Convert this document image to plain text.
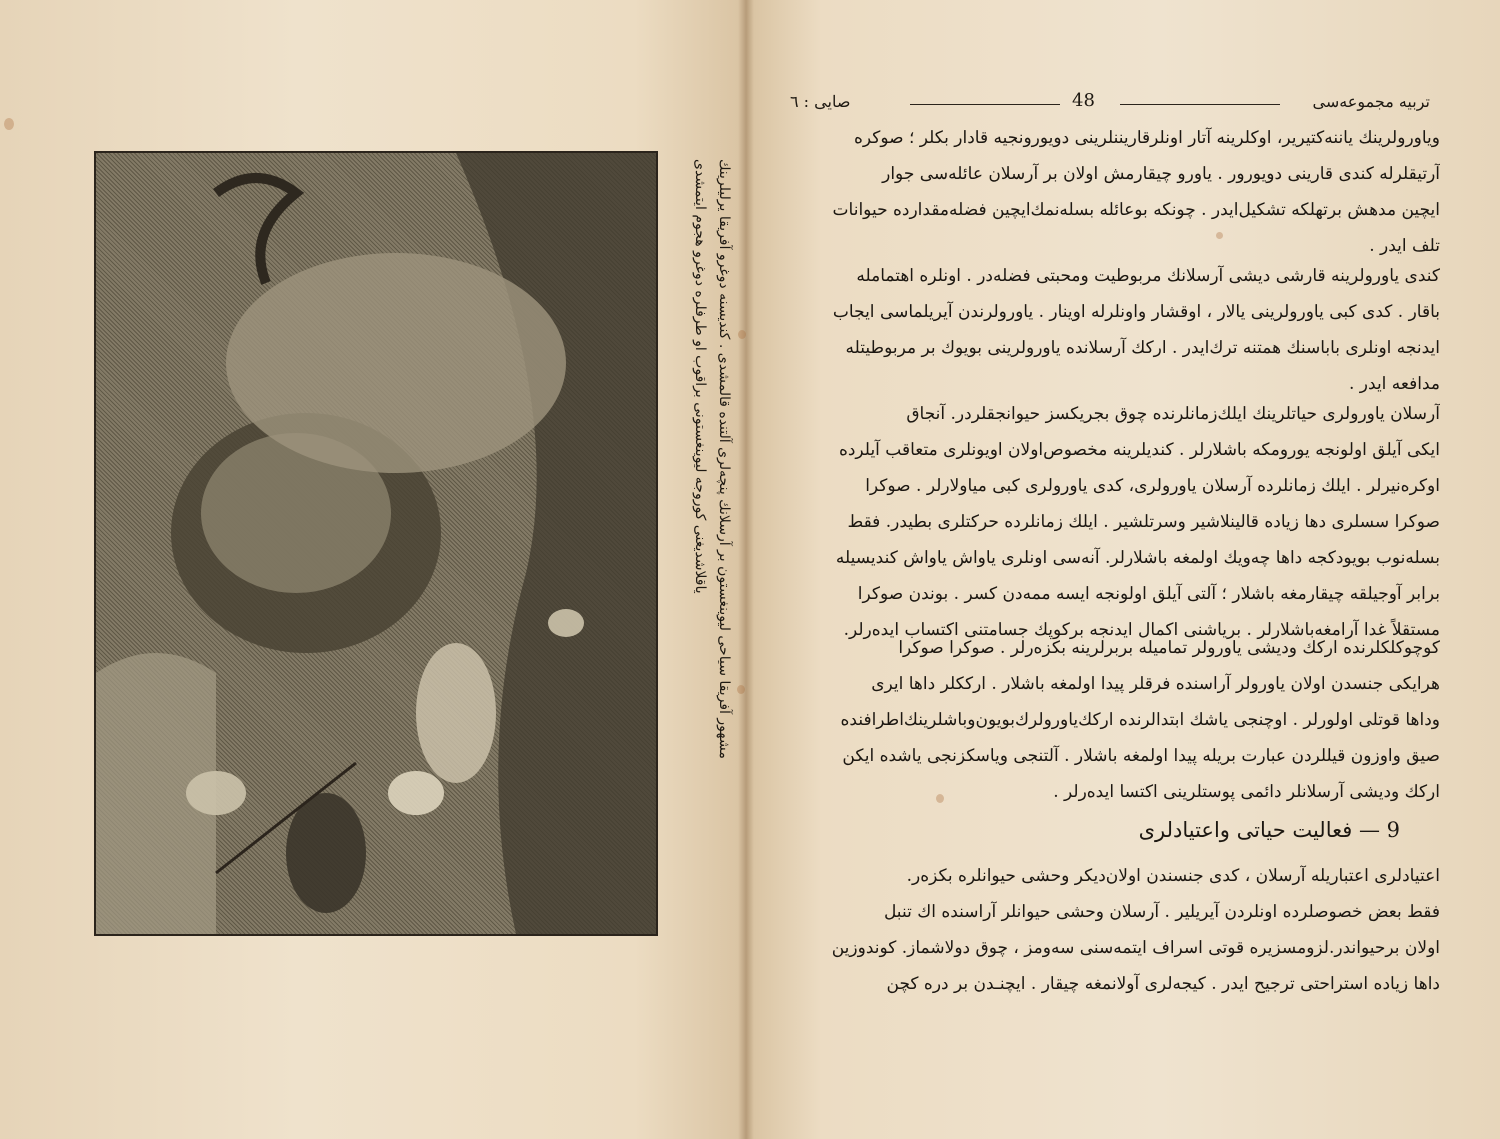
مشهور آفریقا سیاحی لیوینغستون بر آرسلانك پنچه‌لری آلتنده قالمشدی . کندیسنه دوغرو آفریقا یرلیلرینك
یاقلاشدیغنی کوروجه لیوینغستونی براقوب او طرفلره دوغرو هجوم ایتمشدی
تربیه مجموعه‌سی
48
صایی : ٦
ویاورولرینك یاننه‌کتیریر، اوکلرینه آتار اونلرقاریننلرینی دویورونجیه قادار بکلر ؛ صوکره
آرتیقلرله کندی قارینی دویورور . یاورو چیقارمش اولان بر آرسلان عائله‌سی جوار
ایچین مدهش برتهلکه تشکیل‌ایدر . چونکه بوعائله بسله‌نمك‌ایچین فضله‌مقدارده حیوانات
تلف ایدر .
کندی یاورولرینه قارشی دیشی آرسلانك مربوطیت ومحبتی فضله‌در . اونلره اهتمامله
باقار . کدی کبی یاورولرینی یالار ، اوقشار واونلرله اوینار . یاورولرندن آیریلماسی ایجاب
ایدنجه اونلری باباسنك همتنه ترك‌ایدر . ارکك آرسلانده یاورولرینی بویوك بر مربوطیتله
مدافعه ایدر .
آرسلان یاورولری حیاتلرینك ایلك‌زمانلرنده چوق بجریکسز حیوانجقلردر. آنجاق
ایکی آیلق اولونجه یورومکه باشلارلر . کندیلرینه مخصوص‌اولان اویونلری متعاقب آیلرده
اوکره‌نیرلر . ایلك زمانلرده آرسلان یاورولری، کدی یاورولری کبی میاولارلر . صوکرا
صوکرا سسلری دها زیاده قالینلاشیر وسرتلشیر . ایلك زمانلرده حرکتلری بطیدر. فقط
بسله‌نوب بویودکجه داها چه‌ویك اولمغه باشلارلر. آنه‌سی اونلری یاواش یاواش کندیسیله
برابر آوجیلقه چیقارمغه باشلار ؛ آلتی آیلق اولونجه ایسه ممه‌دن کسر . بوندن صوکرا
مستقلاً غدا آرامغه‌باشلارلر . بریاشنی اکمال ایدنجه برکوپك جسامتنی اکتساب ایده‌رلر.
کوچوکلکلرنده ارکك ودیشی یاورولر تماميله بربرلرینه بکزه‌رلر . صوکرا صوکرا
هرایکی جنسدن اولان یاورولر آراسنده فرقلر پیدا اولمغه باشلار . ارککلر داها ایری
وداها قوتلی اولورلر . اوچنجی یاشك ابتدالرنده ارکك‌یاورولرك‌بویون‌وباشلرینك‌اطرافنده
صیق واوزون قیللردن عبارت بریله پیدا اولمغه باشلار . آلتنجی ویاسکزنجی یاشده ایکن
ارکك ودیشی آرسلانلر دائمی پوستلرینی اکتسا ایده‌رلر .
9 — فعالیت حیاتی واعتیادلری
اعتیادلری اعتباریله آرسلان ، کدی جنسندن اولان‌دیکر وحشی حیوانلره بکزه‌ر.
فقط بعض خصوصلرده اونلردن آیریلیر . آرسلان وحشی حیوانلر آراسنده اك تنبل
اولان برحیواندر.لزومسزیره قوتی اسراف ایتمه‌سنی سه‌ومز ، چوق دولاشماز. کوندوزین
داها زیاده استراحتی ترجیح ایدر . کیجه‌لری آولانمغه چیقار . ایچنـدن بر دره کچن
